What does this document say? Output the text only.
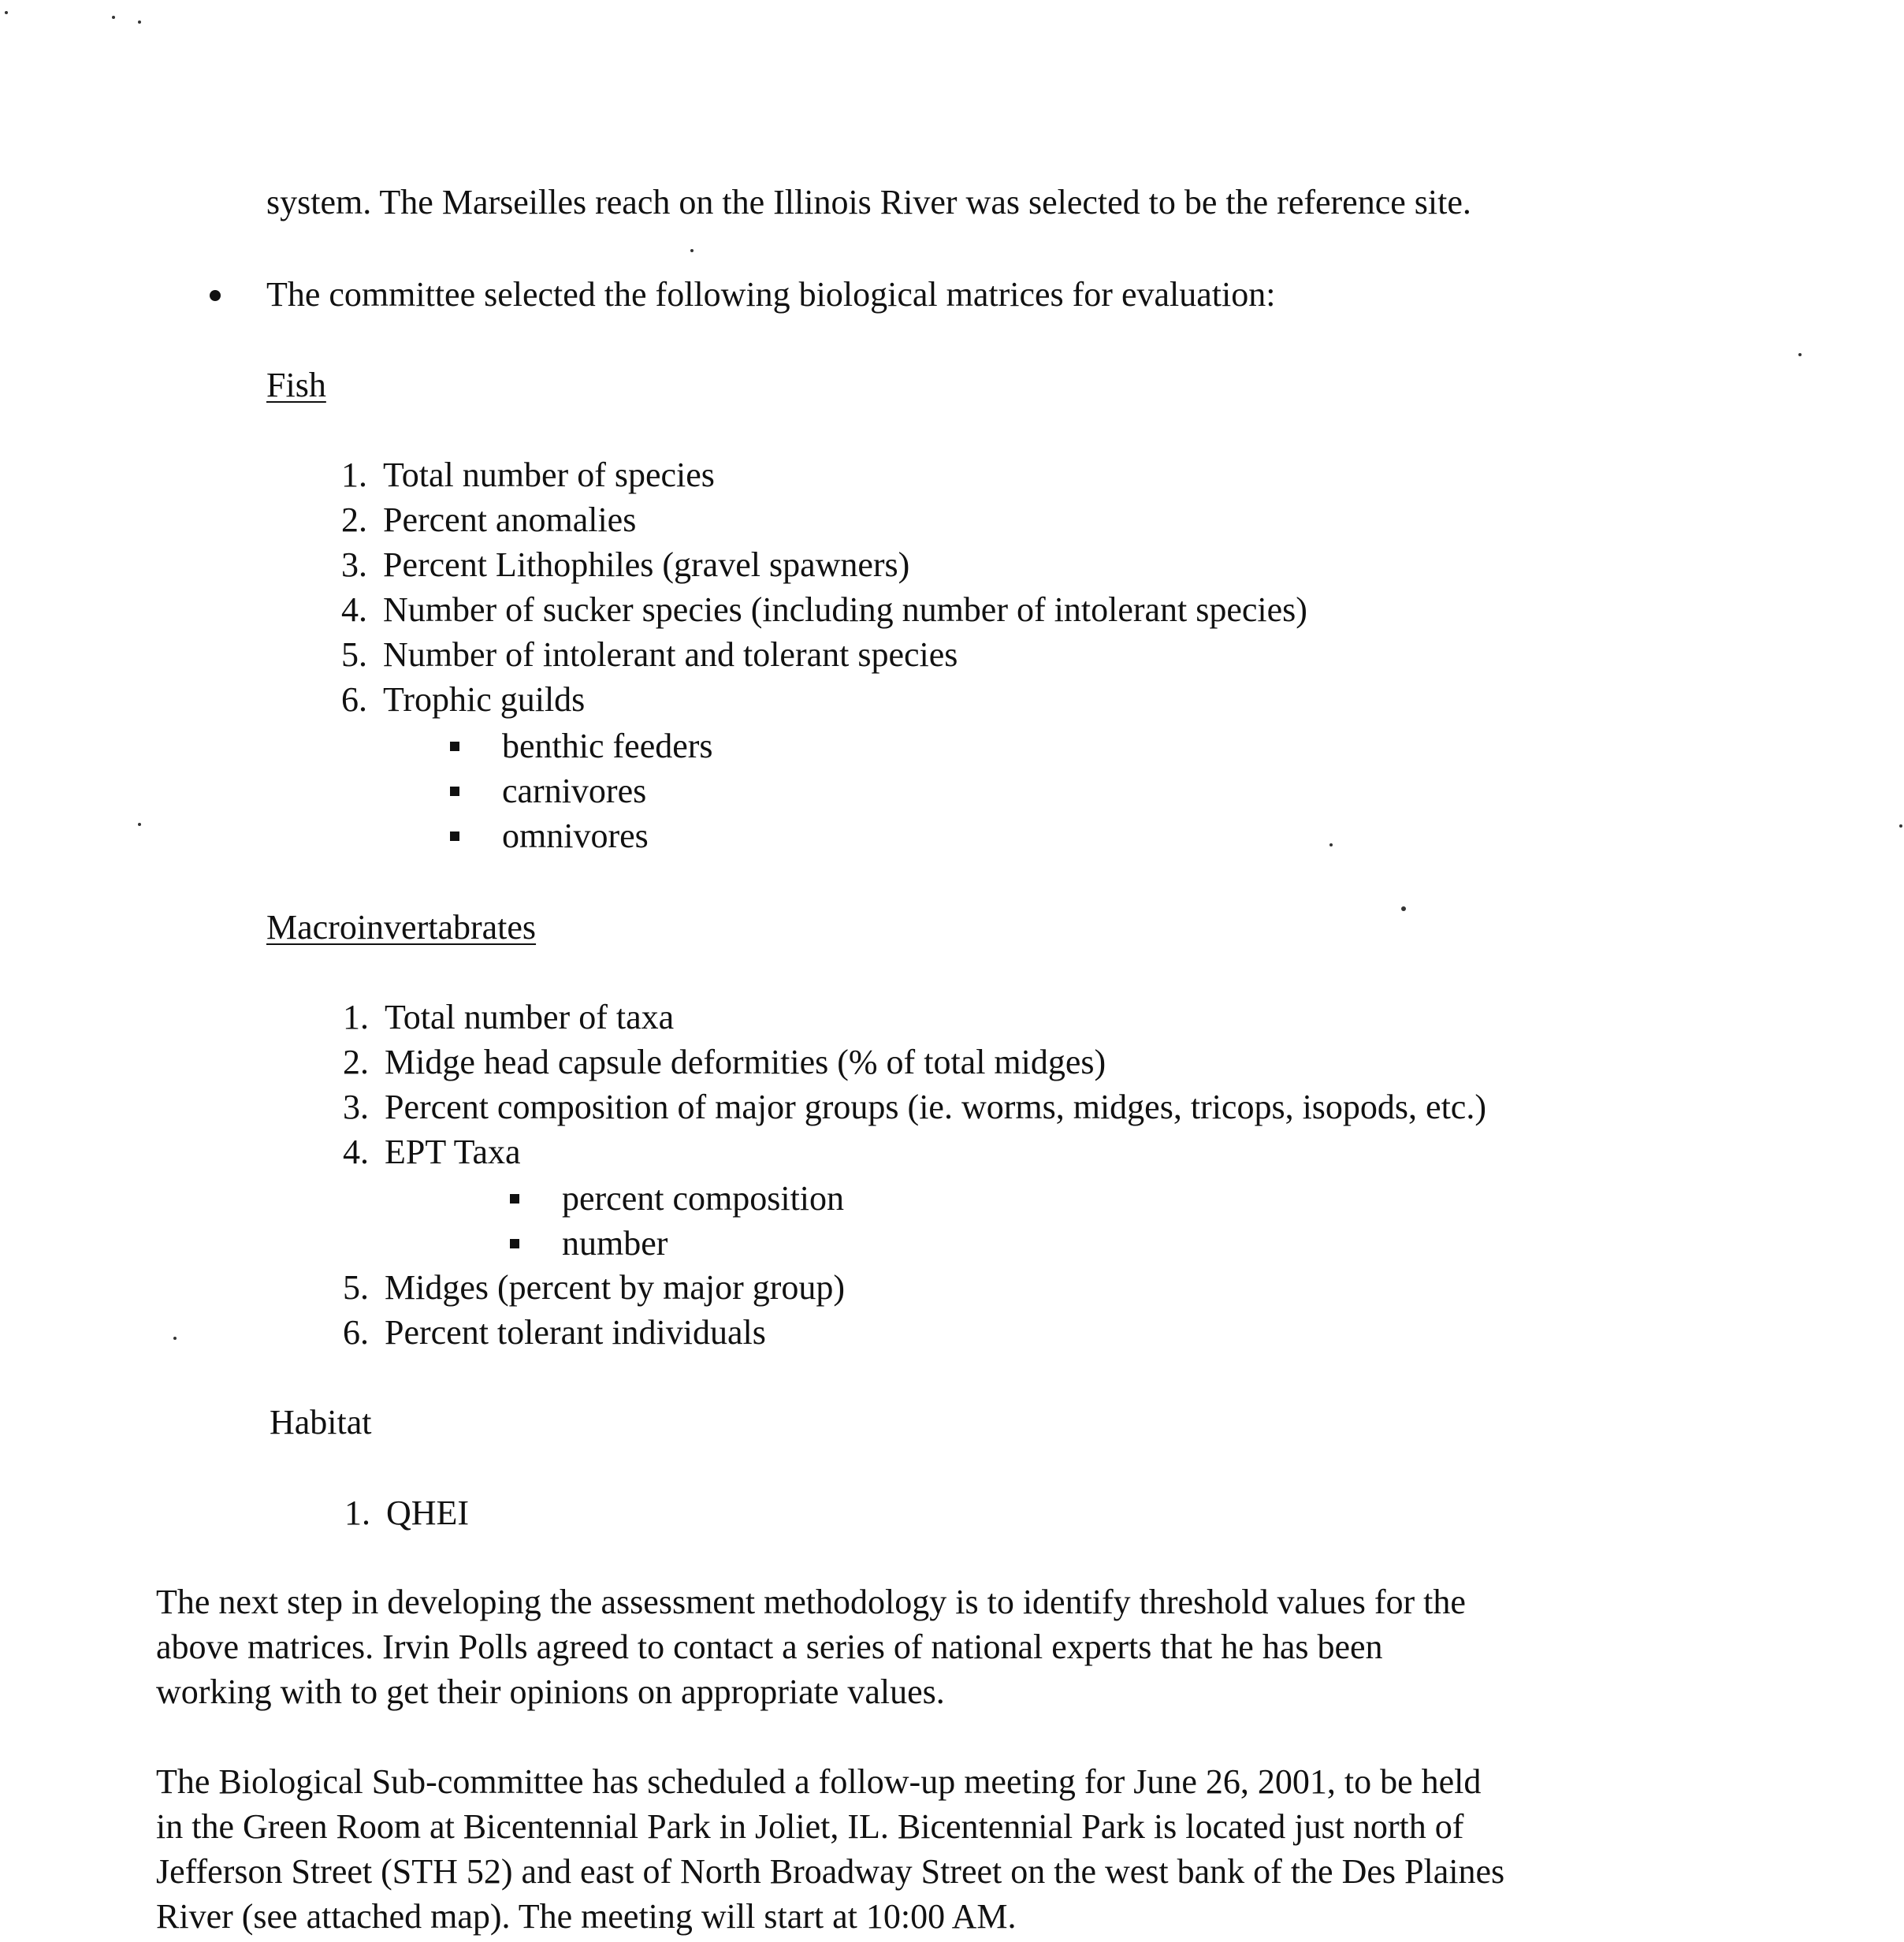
system. The Marseilles reach on the Illinois River was selected to be the reference site.
The committee selected the following biological matrices for evaluation:
Fish
1. Total number of species
2. Percent anomalies
3. Percent Lithophiles (gravel spawners)
4. Number of sucker species (including number of intolerant species)
5. Number of intolerant and tolerant species
6. Trophic guilds
benthic feeders
carnivores
omnivores
Macroinvertabrates
1. Total number of taxa
2. Midge head capsule deformities (% of total midges)
3. Percent composition of major groups (ie. worms, midges, tricops, isopods, etc.)
4. EPT Taxa
percent composition
number
5. Midges (percent by major group)
6. Percent tolerant individuals
Habitat
1. QHEI
The next step in developing the assessment methodology is to identify threshold values for the
above matrices. Irvin Polls agreed to contact a series of national experts that he has been
working with to get their opinions on appropriate values.
The Biological Sub-committee has scheduled a follow-up meeting for June 26, 2001, to be held
in the Green Room at Bicentennial Park in Joliet, IL. Bicentennial Park is located just north of
Jefferson Street (STH 52) and east of North Broadway Street on the west bank of the Des Plaines
River (see attached map). The meeting will start at 10:00 AM.
